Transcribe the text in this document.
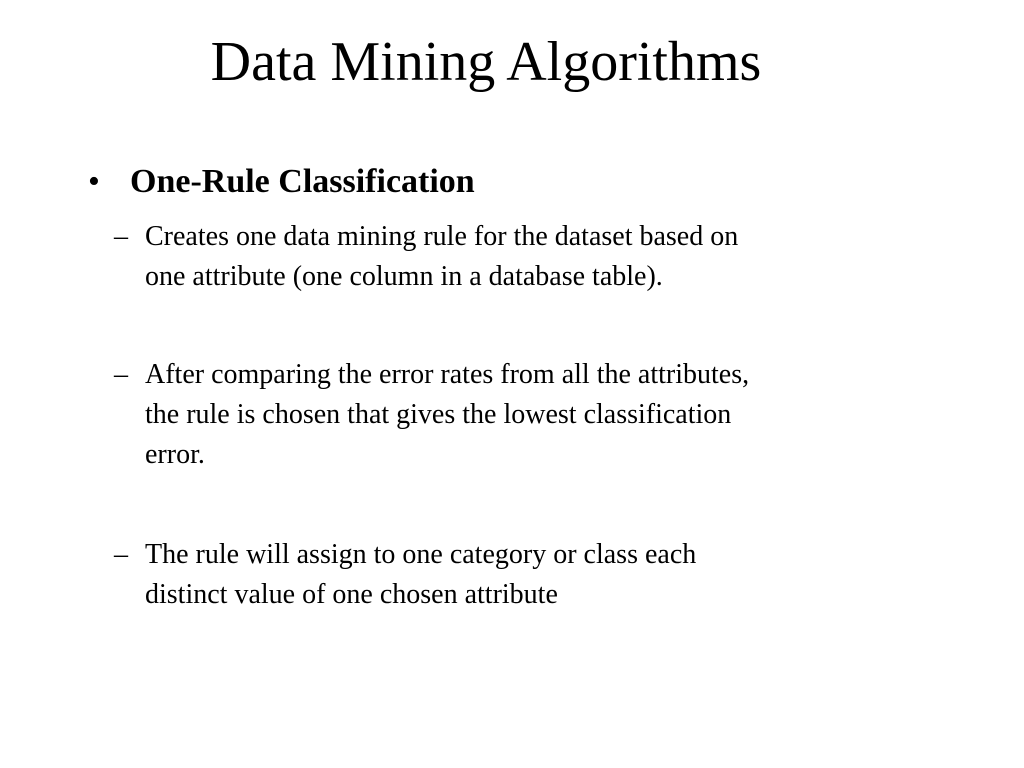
Data Mining Algorithms
• One-Rule Classification
– Creates one data mining rule for the dataset based on
one attribute (one column in a database table).
– After comparing the error rates from all the attributes,
the rule is chosen that gives the lowest classification
error.
– The rule will assign to one category or class each
distinct value of one chosen attribute
